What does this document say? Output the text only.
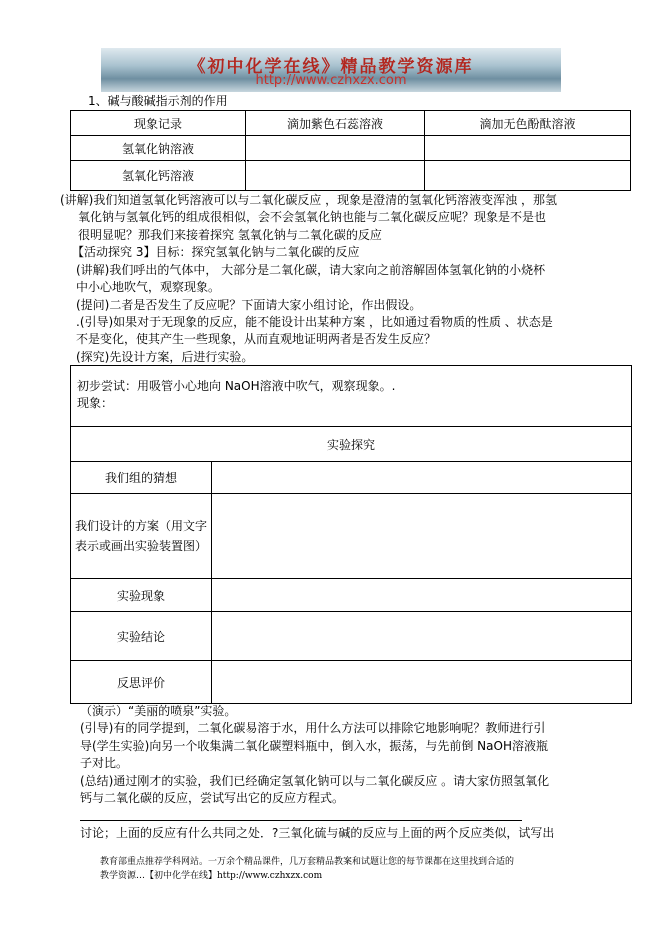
《初中化学在线》精品教学资源库
http://www.czhxzx.com
1、碱与酸碱指示剂的作用
现象记录	滴加紫色石蕊溶液	滴加无色酚酞溶液
氢氧化钠溶液		
氢氧化钙溶液		
(讲解)我们知道氢氧化钙溶液可以与二氧化碳反应 ，现象是澄清的氢氧化钙溶液变浑浊 ，那氢
氧化钠与氢氧化钙的组成很相似，会不会氢氧化钠也能与二氧化碳反应呢？现象是不是也
很明显呢？那我们来接着探究 氢氧化钠与二氧化碳的反应
【活动探究 3】目标：探究氢氧化钠与二氧化碳的反应
(讲解)我们呼出的气体中， 大部分是二氧化碳，请大家向之前溶解固体氢氧化钠的小烧杯
中小心地吹气，观察现象。
(提问)二者是否发生了反应呢？下面请大家小组讨论，作出假设。
.(引导)如果对于无现象的反应，能不能设计出某种方案 ，比如通过看物质的性质 、状态是
不是变化，使其产生一些现象，从而直观地证明两者是否发生反应？
(探究)先设计方案，后进行实验。
初步尝试：用吸管小心地向 NaOH溶液中吹气，观察现象。.
现象：
实验探究	
我们组的猜想	
我们设计的方案（用文字表示或画出实验装置图）	
实验现象	
实验结论	
反思评价	
（演示）“美丽的喷泉”实验。
(引导)有的同学提到，二氧化碳易溶于水，用什么方法可以排除它地影响呢？教师进行引
导(学生实验)向另一个收集满二氧化碳塑料瓶中，倒入水，振荡，与先前倒 NaOH溶液瓶
子对比。
(总结)通过刚才的实验，我们已经确定氢氧化钠可以与二氧化碳反应 。请大家仿照氢氧化
钙与二氧化碳的反应，尝试写出它的反应方程式。
讨论；上面的反应有什么共同之处．?三氧化硫与碱的反应与上面的两个反应类似，试写出
教育部重点推荐学科网站。一万余个精品课件，几万套精品教案和试题让您的每节课都在这里找到合适的
教学资源…【初中化学在线】http://www.czhxzx.com
